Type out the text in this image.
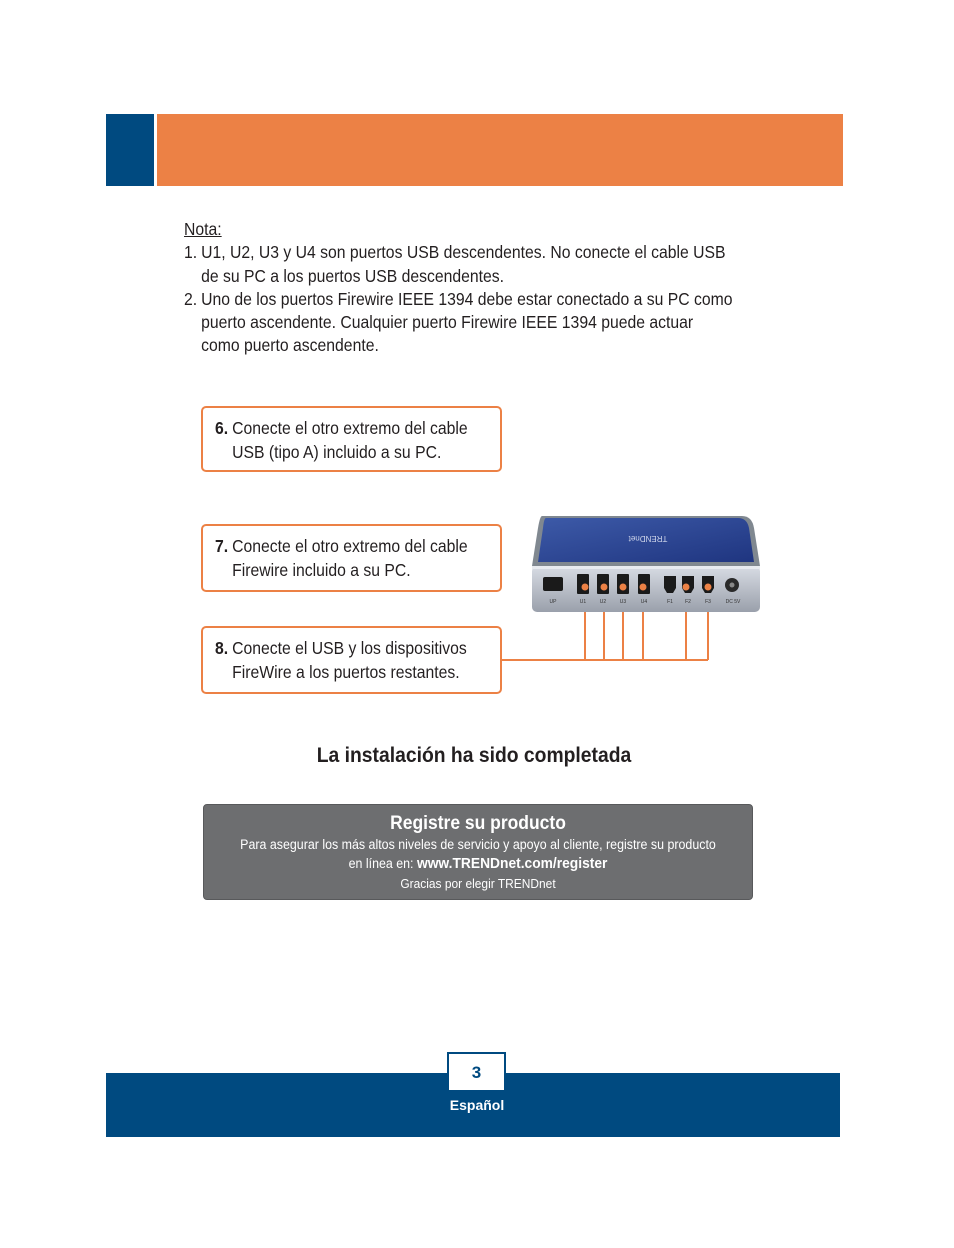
Nota:
1. U1, U2, U3 y U4 son puertos USB descendentes. No conecte el cable USB
de su PC a los puertos USB descendentes.
2. Uno de los puertos Firewire IEEE 1394 debe estar conectado a su PC como
puerto ascendente. Cualquier puerto Firewire IEEE 1394 puede actuar
como puerto ascendente.
6. Conecte el otro extremo del cable
USB (tipo A) incluido a su PC.
7. Conecte el otro extremo del cable
Firewire incluido a su PC.
8. Conecte el USB y los dispositivos
FireWire a los puertos restantes.
TRENDnet
UP	U1	U2	U3	U4	F1 F2	F3	DC 5V
La instalación ha sido completada
Registre su producto
Para asegurar los más altos niveles de servicio y apoyo al cliente, registre su producto
en línea en: www.TRENDnet.com/register
Gracias por elegir TRENDnet
3
Español
